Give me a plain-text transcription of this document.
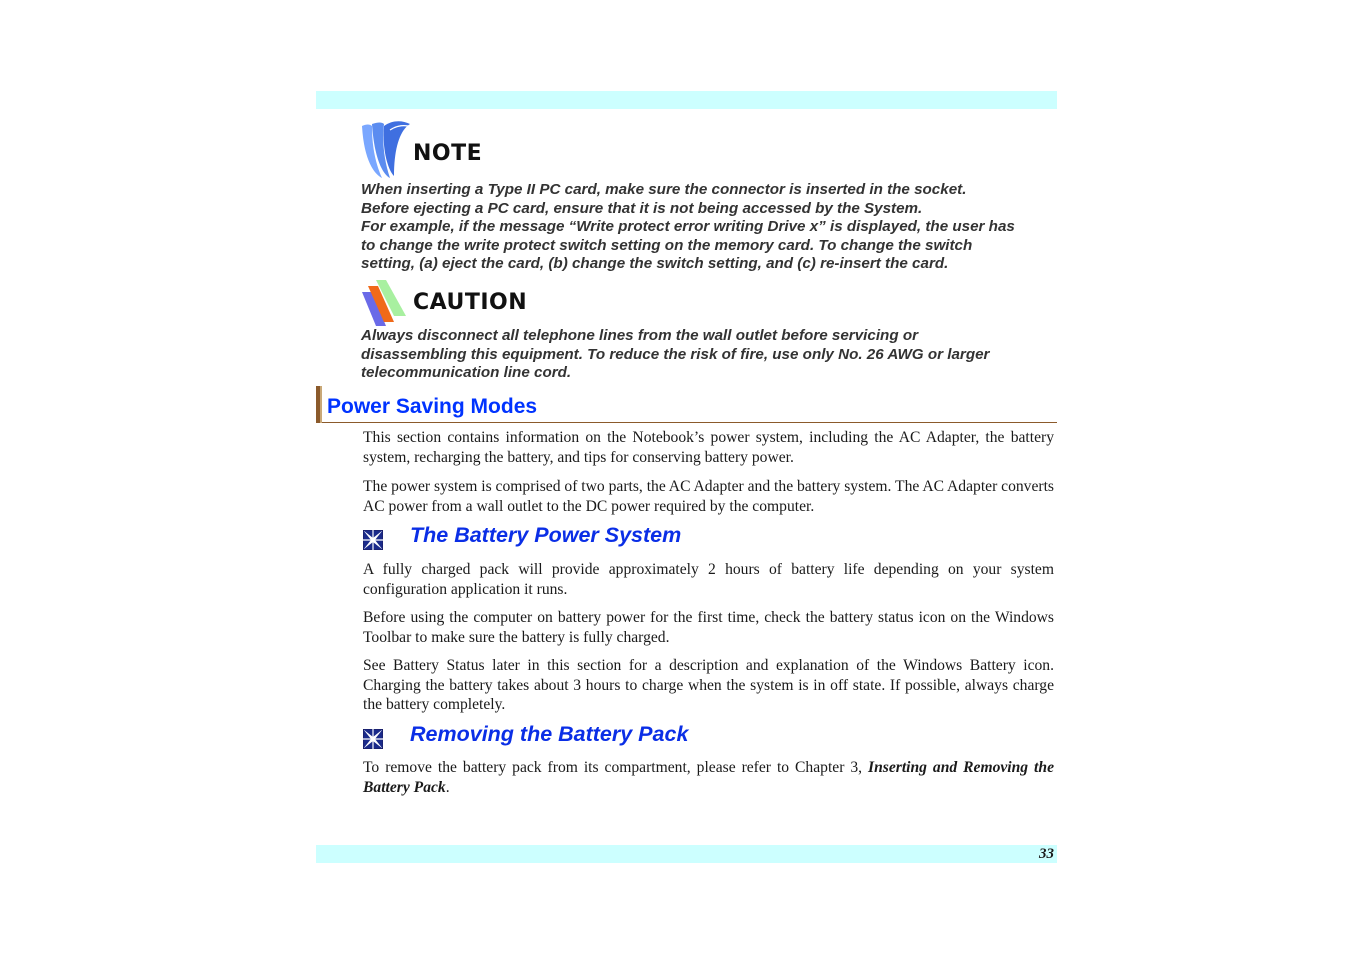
NOTE

When inserting a Type II PC card, make sure the connector is inserted in the socket.

Before ejecting a PC card, ensure that it is not being accessed by the System.

For example, if the message “Write protect error writing Drive x” is displayed, the user has

to change the write protect switch setting on the memory card. To change the switch

setting, (a) eject the card, (b) change the switch setting, and (c) re-insert the card.

CAUTION

Always disconnect all telephone lines from the wall outlet before servicing or

disassembling this equipment. To reduce the risk of fire, use only No. 26 AWG or larger

telecommunication line cord.

Power Saving Modes

This section contains information on the Notebook’s power system, including the AC Adapter, the battery system, recharging the battery, and tips for conserving battery power.

The power system is comprised of two parts, the AC Adapter and the battery system. The AC Adapter converts AC power from a wall outlet to the DC power required by the computer.

The Battery Power System

A fully charged pack will provide approximately 2 hours of battery life depending on your system configuration application it runs.

Before using the computer on battery power for the first time, check the battery status icon on the Windows Toolbar to make sure the battery is fully charged.

See Battery Status later in this section for a description and explanation of the Windows Battery icon. Charging the battery takes about 3 hours to charge when the system is in off state. If possible, always charge the battery completely.

Removing the Battery Pack

To remove the battery pack from its compartment, please refer to Chapter 3, Inserting and Removing the Battery Pack.

33
